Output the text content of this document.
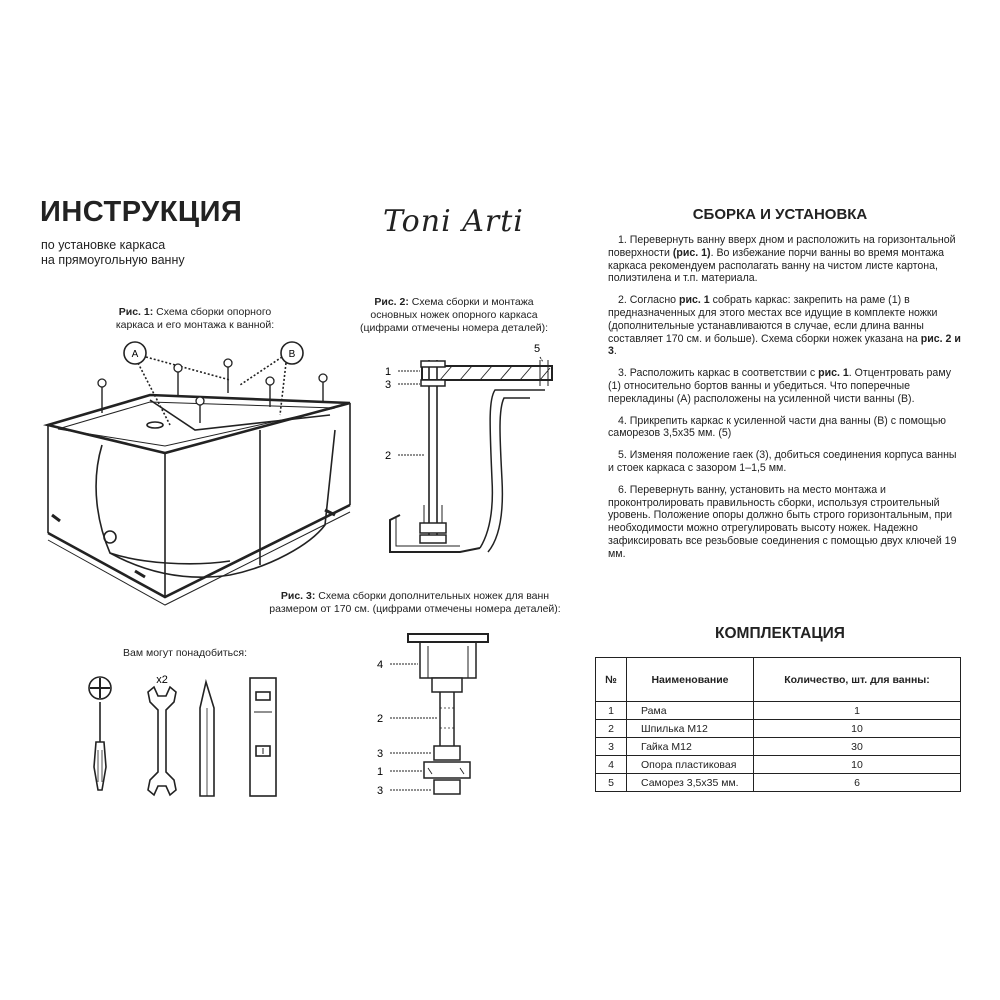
ИНСТРУКЦИЯ
по установке каркаса
на прямоугольную ванну
Toni Arti
Рис. 1: Схема сборки опорного
каркаса и его монтажа к ванной:
A	B
Рис. 2: Схема сборки и монтажа
основных ножек опорного каркаса
(цифрами отмечены номера деталей):
1
3
2
5
Рис. 3: Схема сборки дополнительных ножек для ванн
размером от 170 см. (цифрами отмечены номера деталей):
4
2
3
1
3
Вам могут понадобиться:
x2
СБОРКА И УСТАНОВКА

1. Перевернуть ванну вверх дном и расположить на горизонтальной поверхности (рис. 1). Во избежание порчи ванны во время монтажа каркаса рекомендуем располагать ванну на чистом листе картона, полиэтилена и т.п. материала.

2. Согласно рис. 1 собрать каркас: закрепить на раме (1) в предназначенных для этого местах все идущие в комплекте ножки (дополнительные устанавливаются в случае, если длина ванны составляет 170 см. и больше). Схема сборки ножек указана на рис. 2 и 3.

3. Расположить каркас в соответствии с рис. 1. Отцентровать раму (1) относительно бортов ванны и убедиться. Что поперечные перекладины (A) расположены на усиленной чисти ванны (B).

4. Прикрепить каркас к усиленной части дна ванны (B) с помощью саморезов 3,5х35 мм. (5)

5. Изменяя положение гаек (3), добиться соединения корпуса ванны и стоек каркаса с зазором 1–1,5 мм.

6. Перевернуть ванну, установить на место монтажа и проконтролировать правильность сборки, используя строительный уровень. Положение опоры должно быть строго горизонтальным, при необходимости можно отрегулировать высоту ножек. Надежно зафиксировать все резьбовые соединения с помощью двух ключей 19 мм.

КОМПЛЕКТАЦИЯ
№	Наименование	Количество, шт. для ванны:
1	Рама	1
2	Шпилька М12	10
3	Гайка М12	30
4	Опора пластиковая	10
5	Саморез 3,5х35 мм.	6
